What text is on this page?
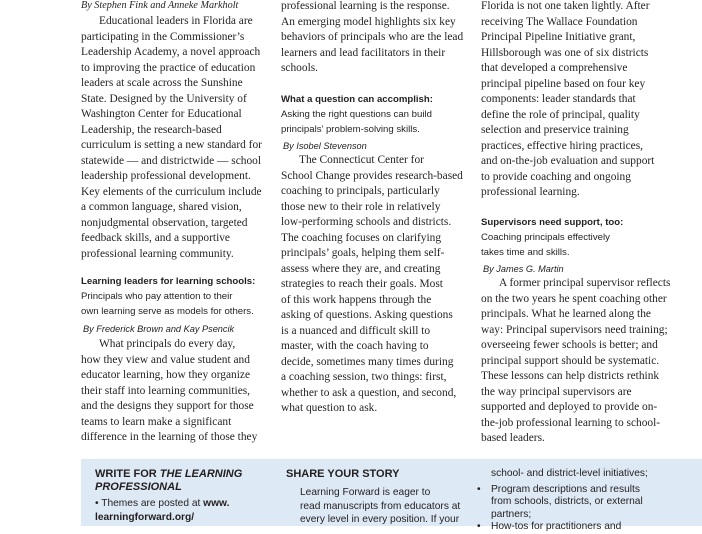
By Stephen Fink and Anneke Markholt

Educational leaders in Florida are
participating in the Commissioner’s
Leadership Academy, a novel approach
to improving the practice of education
leaders at scale across the Sunshine
State. Designed by the University of
Washington Center for Educational
Leadership, the research-based
curriculum is setting a new standard for
statewide — and districtwide — school
leadership professional development.
Key elements of the curriculum include
a common language, shared vision,
nonjudgmental observation, targeted
feedback skills, and a supportive
professional learning community.

Learning leaders for learning schools:

Principals who pay attention to their
own learning serve as models for others.

By Frederick Brown and Kay Psencik

What principals do every day,
how they view and value student and
educator learning, how they organize
their staff into learning communities,
and the designs they support for those
teams to learn make a significant
difference in the learning of those they
professional learning is the response.
An emerging model highlights six key
behaviors of principals who are the lead
learners and lead facilitators in their
schools.

What a question can accomplish:

Asking the right questions can build
principals’ problem-solving skills.

By Isobel Stevenson

The Connecticut Center for
School Change provides research-based
coaching to principals, particularly
those new to their role in relatively
low-performing schools and districts.
The coaching focuses on clarifying
principals’ goals, helping them self-
assess where they are, and creating
strategies to reach their goals. Most
of this work happens through the
asking of questions. Asking questions
is a nuanced and difficult skill to
master, with the coach having to
decide, sometimes many times during
a coaching session, two things: first,
whether to ask a question, and second,
what question to ask.
Florida is not one taken lightly. After
receiving The Wallace Foundation
Principal Pipeline Initiative grant,
Hillsborough was one of six districts
that developed a comprehensive
principal pipeline based on four key
components: leader standards that
define the role of principal, quality
selection and preservice training
practices, effective hiring practices,
and on-the-job evaluation and support
to provide coaching and ongoing
professional learning.

Supervisors need support, too:

Coaching principals effectively
takes time and skills.

By James G. Martin

A former principal supervisor reflects
on the two years he spent coaching other
principals. What he learned along the
way: Principal supervisors need training;
overseeing fewer schools is better; and
principal support should be systematic.
These lessons can help districts rethink
the way principal supervisors are
supported and deployed to provide on-
the-job professional learning to school-
based leaders.

WRITE FOR THE LEARNING PROFESSIONAL

• Themes are posted at www.
learningforward.org/

SHARE YOUR STORY

Learning Forward is eager to
read manuscripts from educators at
every level in every position. If your

school- and district-level initiatives;

• Program descriptions and results
from schools, districts, or external
partners;
• How-tos for practitioners and
